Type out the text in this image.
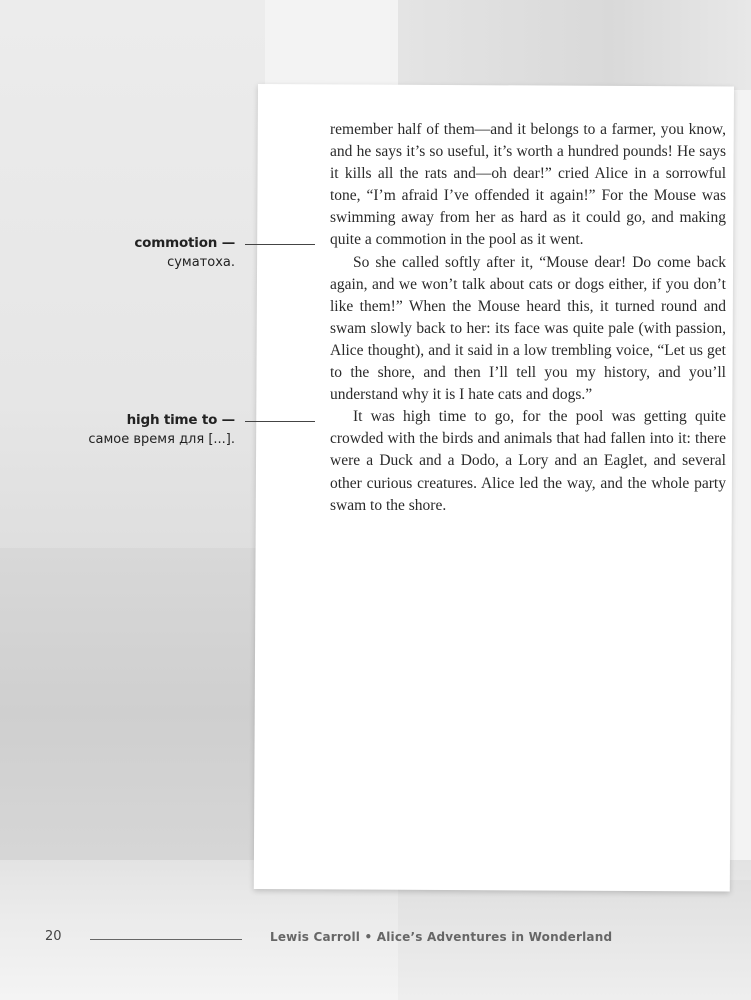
remember half of them—and it belongs to a farmer, you know, and he says it’s so useful, it’s worth a hundred pounds! He says it kills all the rats and—oh dear!” cried Alice in a sorrowful tone, “I’m afraid I’ve offended it again!” For the Mouse was swimming away from her as hard as it could go, and making quite a commotion in the pool as it went.

So she called softly after it, “Mouse dear! Do come back again, and we won’t talk about cats or dogs either, if you don’t like them!” When the Mouse heard this, it turned round and swam slowly back to her: its face was quite pale (with passion, Alice thought), and it said in a low trembling voice, “Let us get to the shore, and then I’ll tell you my history, and you’ll understand why it is I hate cats and dogs.”

It was high time to go, for the pool was getting quite crowded with the birds and animals that had fallen into it: there were a Duck and a Dodo, a Lory and an Eaglet, and several other curious creatures. Alice led the way, and the whole party swam to the shore.

commotion —
суматоха.
high time to —
самое время для [...].
20	Lewis Carroll • Alice’s Adventures in Wonderland
